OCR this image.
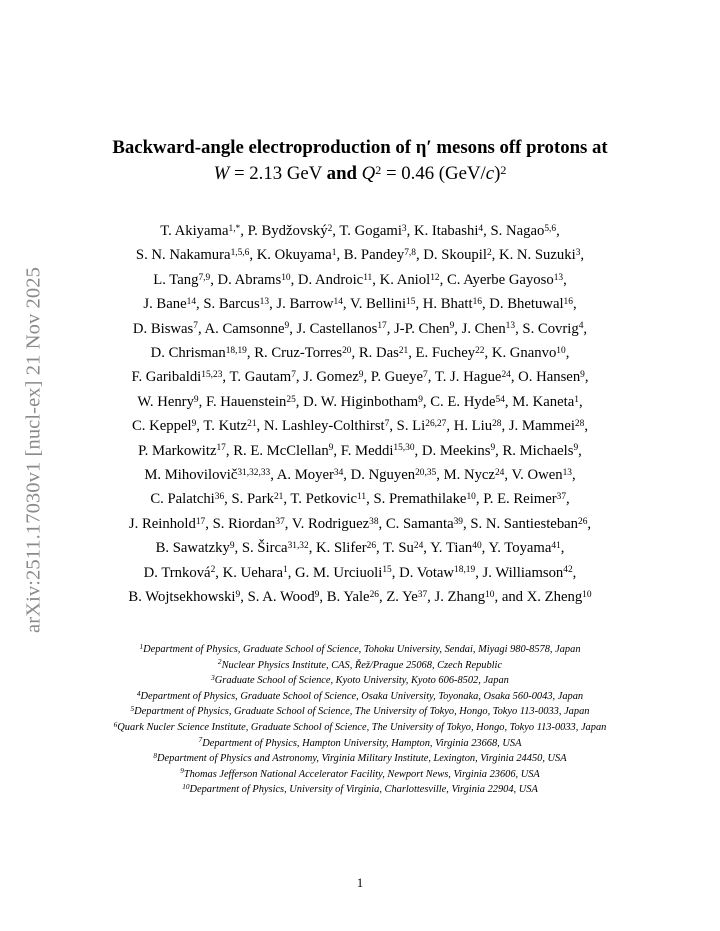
arXiv:2511.17030v1 [nucl-ex] 21 Nov 2025
Backward-angle electroproduction of η′ mesons off protons at
W = 2.13 GeV and $Q^2 = 0.46$ $(GeV/c)^2$
T. Akiyama$^{1,*}$, P. Bydžovský$^2$, T. Gogami$^3$, K. Itabashi$^4$, S. Nagao$^{5,6}$,
S. N. Nakamura$^{1,5,6}$, K. Okuyama$^1$, B. Pandey$^{7,8}$, D. Skoupil$^2$, K. N. Suzuki$^3$,
L. Tang$^{7,9}$, D. Abrams$^{10}$, D. Androic$^{11}$, K. Aniol$^{12}$, C. Ayerbe Gayoso$^{13}$,
J. Bane$^{14}$, S. Barcus$^{13}$, J. Barrow$^{14}$, V. Bellini$^{15}$, H. Bhatt$^{16}$, D. Bhetuwal$^{16}$,
D. Biswas$^7$, A. Camsonne$^9$, J. Castellanos$^{17}$, J-P. Chen$^9$, J. Chen$^{13}$, S. Covrig$^4$,
D. Chrisman$^{18,19}$, R. Cruz-Torres$^{20}$, R. Das$^{21}$, E. Fuchey$^{22}$, K. Gnanvo$^{10}$,
F. Garibaldi$^{15,23}$, T. Gautam$^7$, J. Gomez$^9$, P. Gueye$^7$, T. J. Hague$^{24}$, O. Hansen$^9$,
W. Henry$^9$, F. Hauenstein$^{25}$, D. W. Higinbotham$^9$, C. E. Hyde$^{54}$, M. Kaneta$^1$,
C. Keppel$^9$, T. Kutz$^{21}$, N. Lashley-Colthirst$^7$, S. Li$^{26,27}$, H. Liu$^{28}$, J. Mammei$^{28}$,
P. Markowitz$^{17}$, R. E. McClellan$^9$, F. Meddi$^{15,30}$, D. Meekins$^9$, R. Michaels$^9$,
M. Mihovilovič$^{31,32,33}$, A. Moyer$^{34}$, D. Nguyen$^{20,35}$, M. Nycz$^{24}$, V. Owen$^{13}$,
C. Palatchi$^{36}$, S. Park$^{21}$, T. Petkovic$^{11}$, S. Premathilake$^{10}$, P. E. Reimer$^{37}$,
J. Reinhold$^{17}$, S. Riordan$^{37}$, V. Rodriguez$^{38}$, C. Samanta$^{39}$, S. N. Santiesteban$^{26}$,
B. Sawatzky$^9$, S. Širca$^{31,32}$, K. Slifer$^{26}$, T. Su$^{24}$, Y. Tian$^{40}$, Y. Toyama$^{41}$,
D. Trnková$^2$, K. Uehara$^1$, G. M. Urciuoli$^{15}$, D. Votaw$^{18,19}$, J. Williamson$^{42}$,
B. Wojtsekhowski$^9$, S. A. Wood$^9$, B. Yale$^{26}$, Z. Ye$^{37}$, J. Zhang$^{10}$, and X. Zheng$^{10}$
$^1$Department of Physics, Graduate School of Science, Tohoku University, Sendai, Miyagi 980-8578, Japan
$^2$Nuclear Physics Institute, CAS, Řež/Prague 25068, Czech Republic
$^3$Graduate School of Science, Kyoto University, Kyoto 606-8502, Japan
$^4$Department of Physics, Graduate School of Science, Osaka University, Toyonaka, Osaka 560-0043, Japan
$^5$Department of Physics, Graduate School of Science, The University of Tokyo, Hongo, Tokyo 113-0033, Japan
$^6$Quark Nucler Science Institute, Graduate School of Science, The University of Tokyo, Hongo, Tokyo 113-0033, Japan
$^7$Department of Physics, Hampton University, Hampton, Virginia 23668, USA
$^8$Department of Physics and Astronomy, Virginia Military Institute, Lexington, Virginia 24450, USA
$^9$Thomas Jefferson National Accelerator Facility, Newport News, Virginia 23606, USA
$^{10}$Department of Physics, University of Virginia, Charlottesville, Virginia 22904, USA
1
